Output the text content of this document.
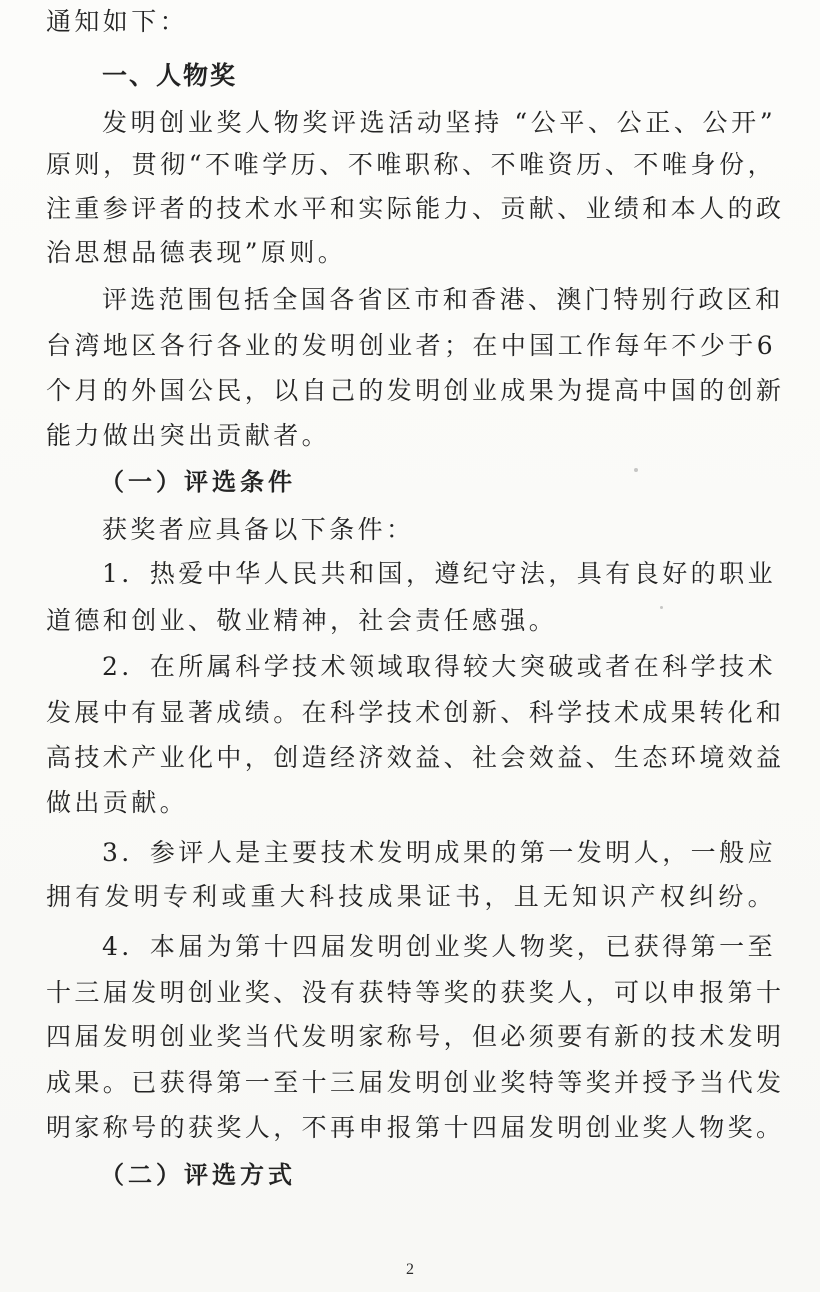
通知如下：
一、人物奖
发明创业奖人物奖评选活动坚持 “公平、公正、公开”
原则，贯彻“不唯学历、不唯职称、不唯资历、不唯身份，
注重参评者的技术水平和实际能力、贡献、业绩和本人的政
治思想品德表现”原则。
评选范围包括全国各省区市和香港、澳门特别行政区和
台湾地区各行各业的发明创业者；在中国工作每年不少于6
个月的外国公民，以自己的发明创业成果为提高中国的创新
能力做出突出贡献者。
（一）评选条件
获奖者应具备以下条件：
1．热爱中华人民共和国，遵纪守法，具有良好的职业
道德和创业、敬业精神，社会责任感强。
2．在所属科学技术领域取得较大突破或者在科学技术
发展中有显著成绩。在科学技术创新、科学技术成果转化和
高技术产业化中，创造经济效益、社会效益、生态环境效益
做出贡献。
3．参评人是主要技术发明成果的第一发明人，一般应
拥有发明专利或重大科技成果证书，且无知识产权纠纷。
4．本届为第十四届发明创业奖人物奖，已获得第一至
十三届发明创业奖、没有获特等奖的获奖人，可以申报第十
四届发明创业奖当代发明家称号，但必须要有新的技术发明
成果。已获得第一至十三届发明创业奖特等奖并授予当代发
明家称号的获奖人，不再申报第十四届发明创业奖人物奖。
（二）评选方式
2
